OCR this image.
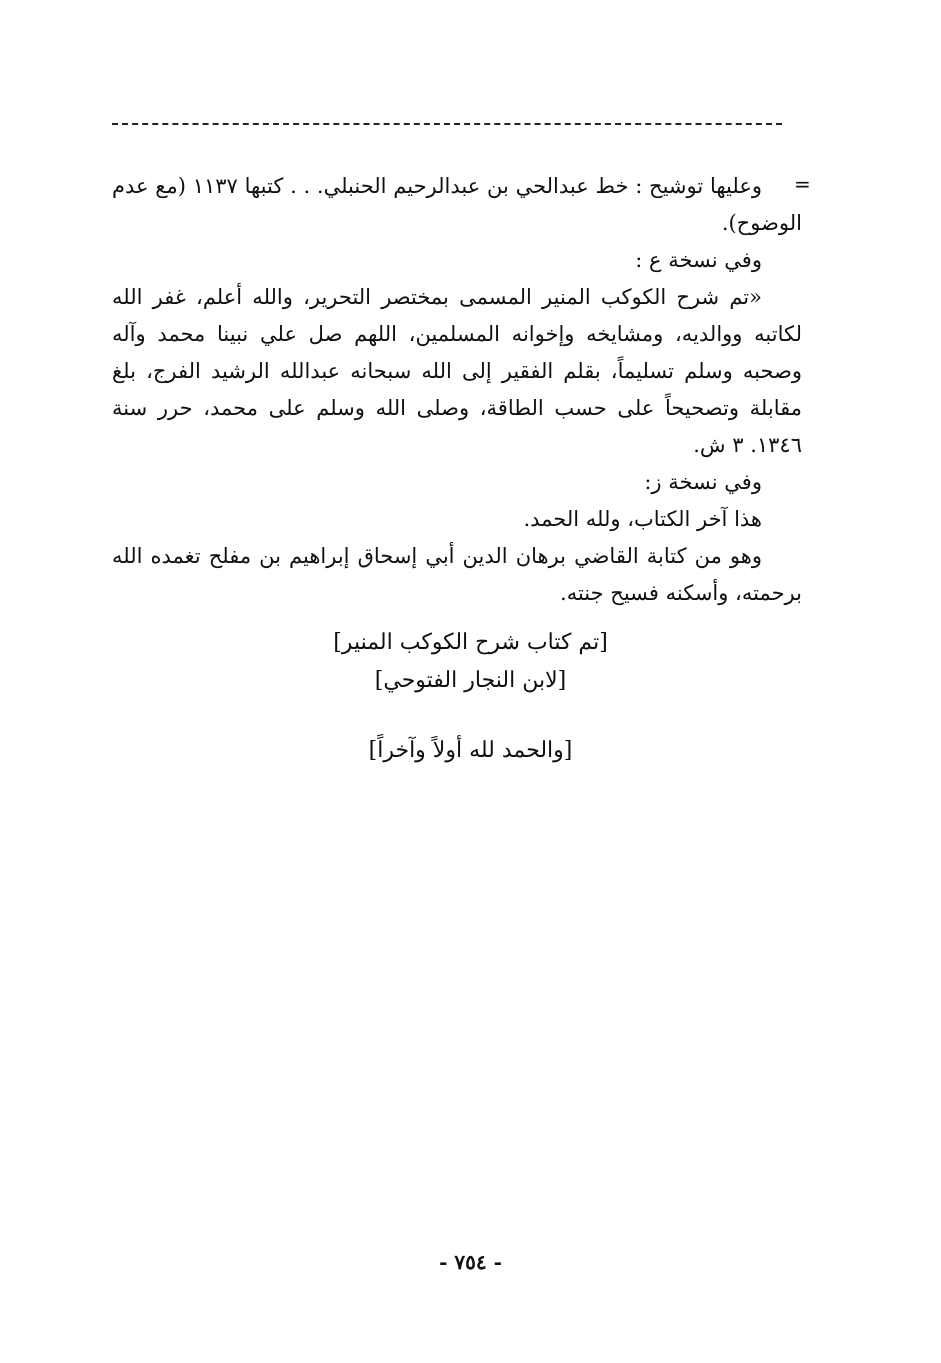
=

وعليها توشيح : خط عبدالحي بن عبدالرحيم الحنبلي. . . كتبها ١١٣٧ (مع عدم الوضوح).

وفي نسخة ع :

«تم شرح الكوكب المنير المسمى بمختصر التحرير، والله أعلم، غفر الله لكاتبه ووالديه، ومشايخه وإخوانه المسلمين، اللهم صل علي نبينا محمد وآله وصحبه وسلم تسليماً، بقلم الفقير إلى الله سبحانه عبدالله الرشيد الفرج، بلغ مقابلة وتصحيحاً على حسب الطاقة، وصلى الله وسلم على محمد، حرر سنة ١٣٤٦. ٣ ش.

وفي نسخة ز:

هذا آخر الكتاب، ولله الحمد.

وهو من كتابة القاضي برهان الدين أبي إسحاق إبراهيم بن مفلح تغمده الله برحمته، وأسكنه فسيح جنته.

[تم كتاب شرح الكوكب المنير]
[لابن النجار الفتوحي]
[والحمد لله أولاً وآخراً]
- ٧٥٤ -
